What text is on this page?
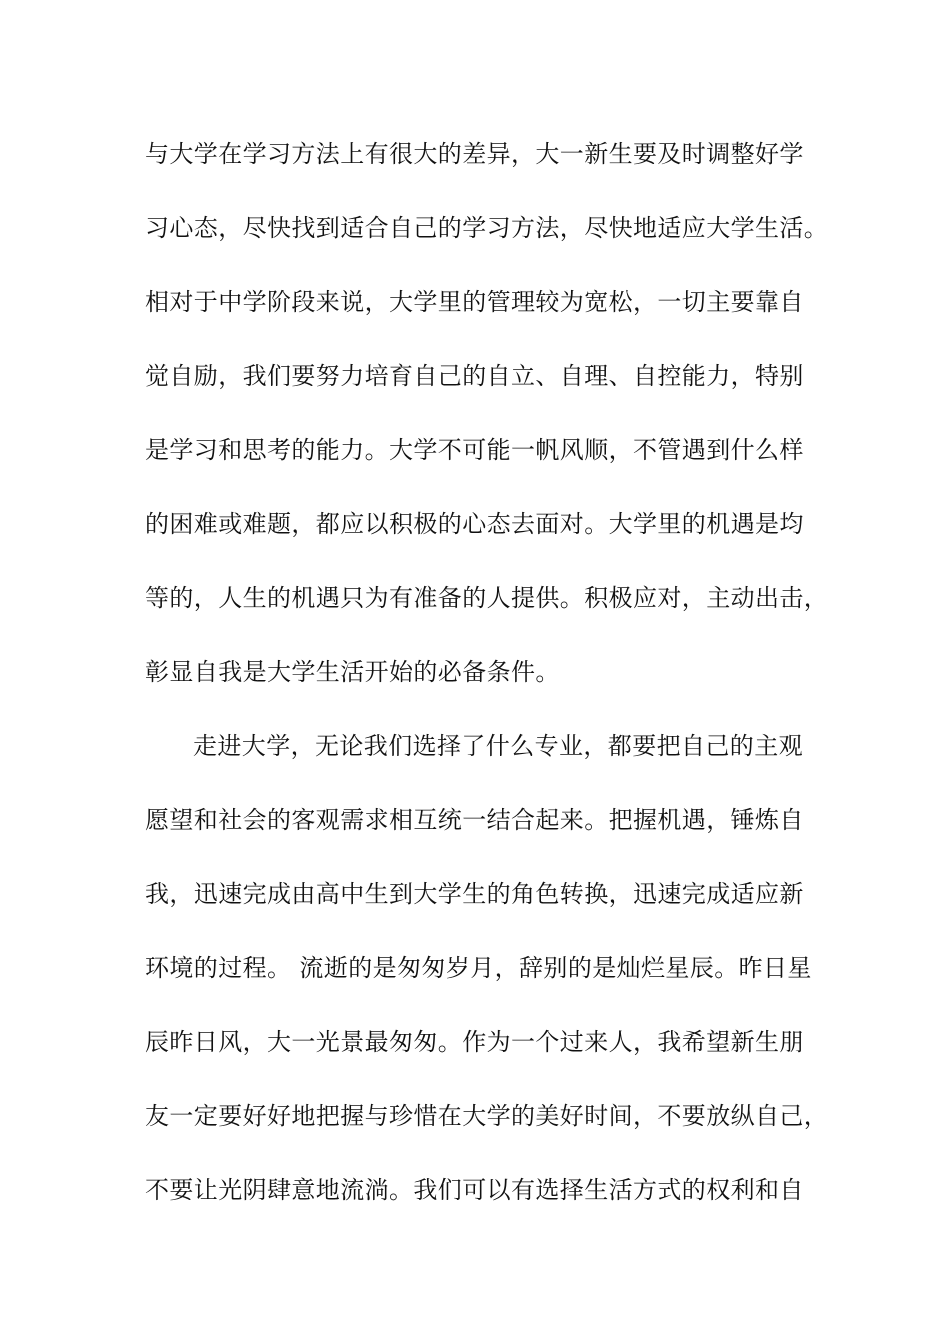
与大学在学习方法上有很大的差异，大一新生要及时调整好学
习心态，尽快找到适合自己的学习方法，尽快地适应大学生活。
相对于中学阶段来说，大学里的管理较为宽松，一切主要靠自
觉自励，我们要努力培育自己的自立、自理、自控能力，特别
是学习和思考的能力。大学不可能一帆风顺，不管遇到什么样
的困难或难题，都应以积极的心态去面对。大学里的机遇是均
等的，人生的机遇只为有准备的人提供。积极应对，主动出击，
彰显自我是大学生活开始的必备条件。
走进大学，无论我们选择了什么专业，都要把自己的主观
愿望和社会的客观需求相互统一结合起来。把握机遇，锤炼自
我，迅速完成由高中生到大学生的角色转换，迅速完成适应新
环境的过程。 流逝的是匆匆岁月，辞别的是灿烂星辰。昨日星
辰昨日风，大一光景最匆匆。作为一个过来人，我希望新生朋
友一定要好好地把握与珍惜在大学的美好时间，不要放纵自己，
不要让光阴肆意地流淌。我们可以有选择生活方式的权利和自
